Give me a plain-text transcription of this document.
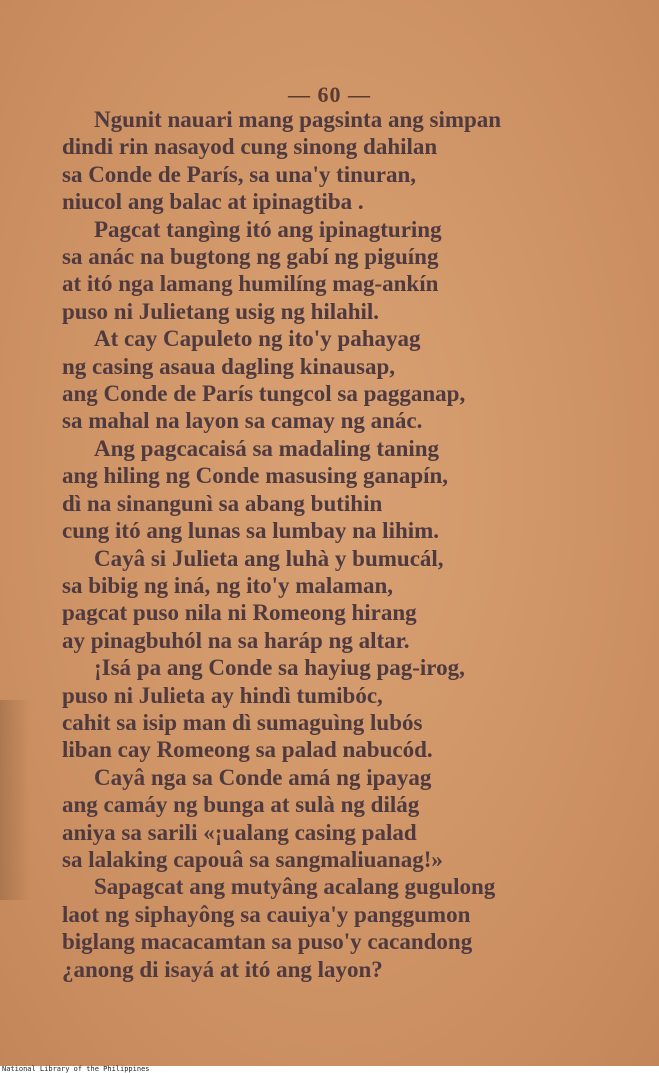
— 60 —
Ngunit nauari mang pagsinta ang simpan
dindi rin nasayod cung sinong dahilan
sa Conde de París, sa una'y tinuran,
niucol ang balac at ipinagtiba .
Pagcat tangìng itó ang ipinagturing
sa anác na bugtong ng gabí ng piguíng
at itó nga lamang humilíng mag-ankín
puso ni Julietang usig ng hilahil.
At cay Capuleto ng ito'y pahayag
ng casing asaua dagling kinausap,
ang Conde de París tungcol sa pagganap,
sa mahal na layon sa camay ng anác.
Ang pagcacaisá sa madaling taning
ang hiling ng Conde masusing ganapín,
dì na sinangunì sa abang butihin
cung itó ang lunas sa lumbay na lihim.
Cayâ si Julieta ang luhà y bumucál,
sa bibig ng iná, ng ito'y malaman,
pagcat puso nila ni Romeong hirang
ay pinagbuhól na sa haráp ng altar.
¡Isá pa ang Conde sa hayiug pag-irog,
puso ni Julieta ay hindì tumibóc,
cahit sa isip man dì sumaguìng lubós
liban cay Romeong sa palad nabucód.
Cayâ nga sa Conde amá ng ipayag
ang camáy ng bunga at sulà ng dilág
aniya sa sarili «¡ualang casing palad
sa lalaking capouâ sa sangmaliuanag!»
Sapagcat ang mutyâng acalang gugulong
laot ng siphayông sa cauiya'y panggumon
biglang macacamtan sa puso'y cacandong
¿anong di isayá at itó ang layon?
National Library of the Philippines
